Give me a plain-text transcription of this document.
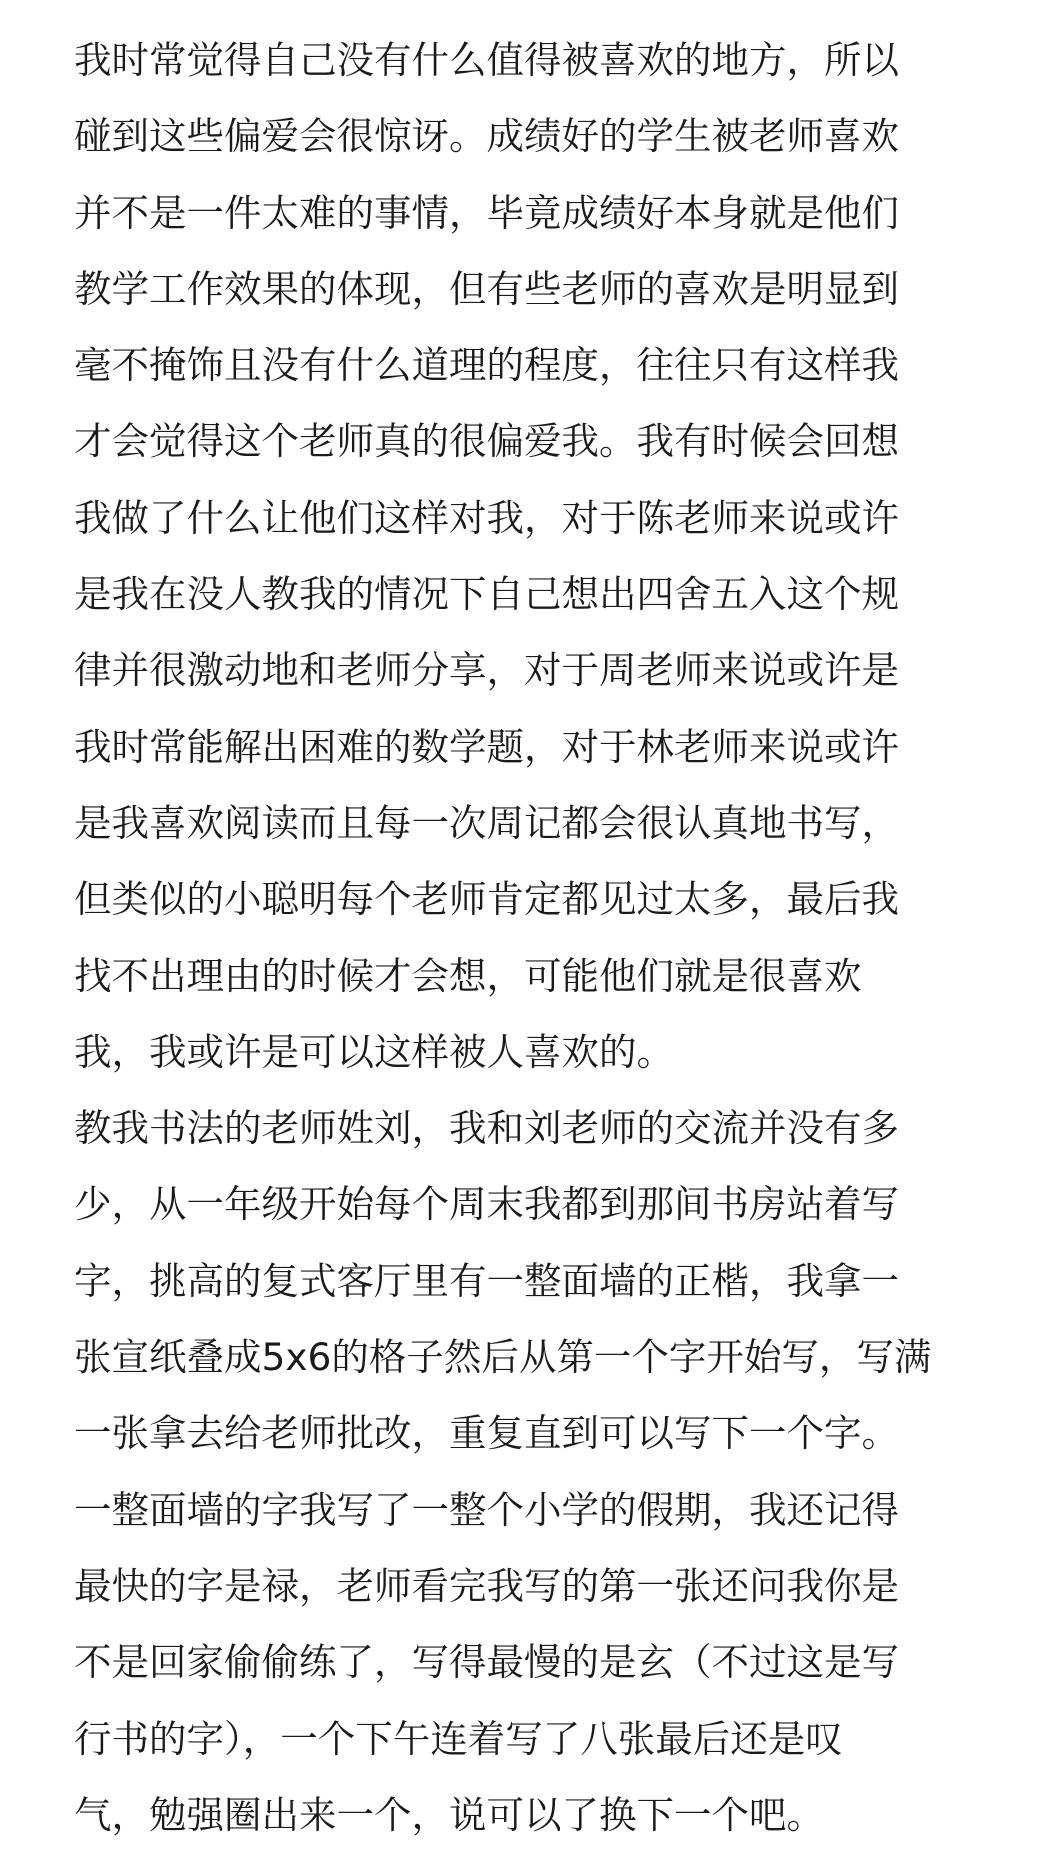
我时常觉得自己没有什么值得被喜欢的地方，所以
碰到这些偏爱会很惊讶。成绩好的学生被老师喜欢
并不是一件太难的事情，毕竟成绩好本身就是他们
教学工作效果的体现，但有些老师的喜欢是明显到
毫不掩饰且没有什么道理的程度，往往只有这样我
才会觉得这个老师真的很偏爱我。我有时候会回想
我做了什么让他们这样对我，对于陈老师来说或许
是我在没人教我的情况下自己想出四舍五入这个规
律并很激动地和老师分享，对于周老师来说或许是
我时常能解出困难的数学题，对于林老师来说或许
是我喜欢阅读而且每一次周记都会很认真地书写，
但类似的小聪明每个老师肯定都见过太多，最后我
找不出理由的时候才会想，可能他们就是很喜欢
我，我或许是可以这样被人喜欢的。
教我书法的老师姓刘，我和刘老师的交流并没有多
少，从一年级开始每个周末我都到那间书房站着写
字，挑高的复式客厅里有一整面墙的正楷，我拿一
张宣纸叠成5x6的格子然后从第一个字开始写，写满
一张拿去给老师批改，重复直到可以写下一个字。
一整面墙的字我写了一整个小学的假期，我还记得
最快的字是禄，老师看完我写的第一张还问我你是
不是回家偷偷练了，写得最慢的是玄（不过这是写
行书的字），一个下午连着写了八张最后还是叹
气，勉强圈出来一个，说可以了换下一个吧。
